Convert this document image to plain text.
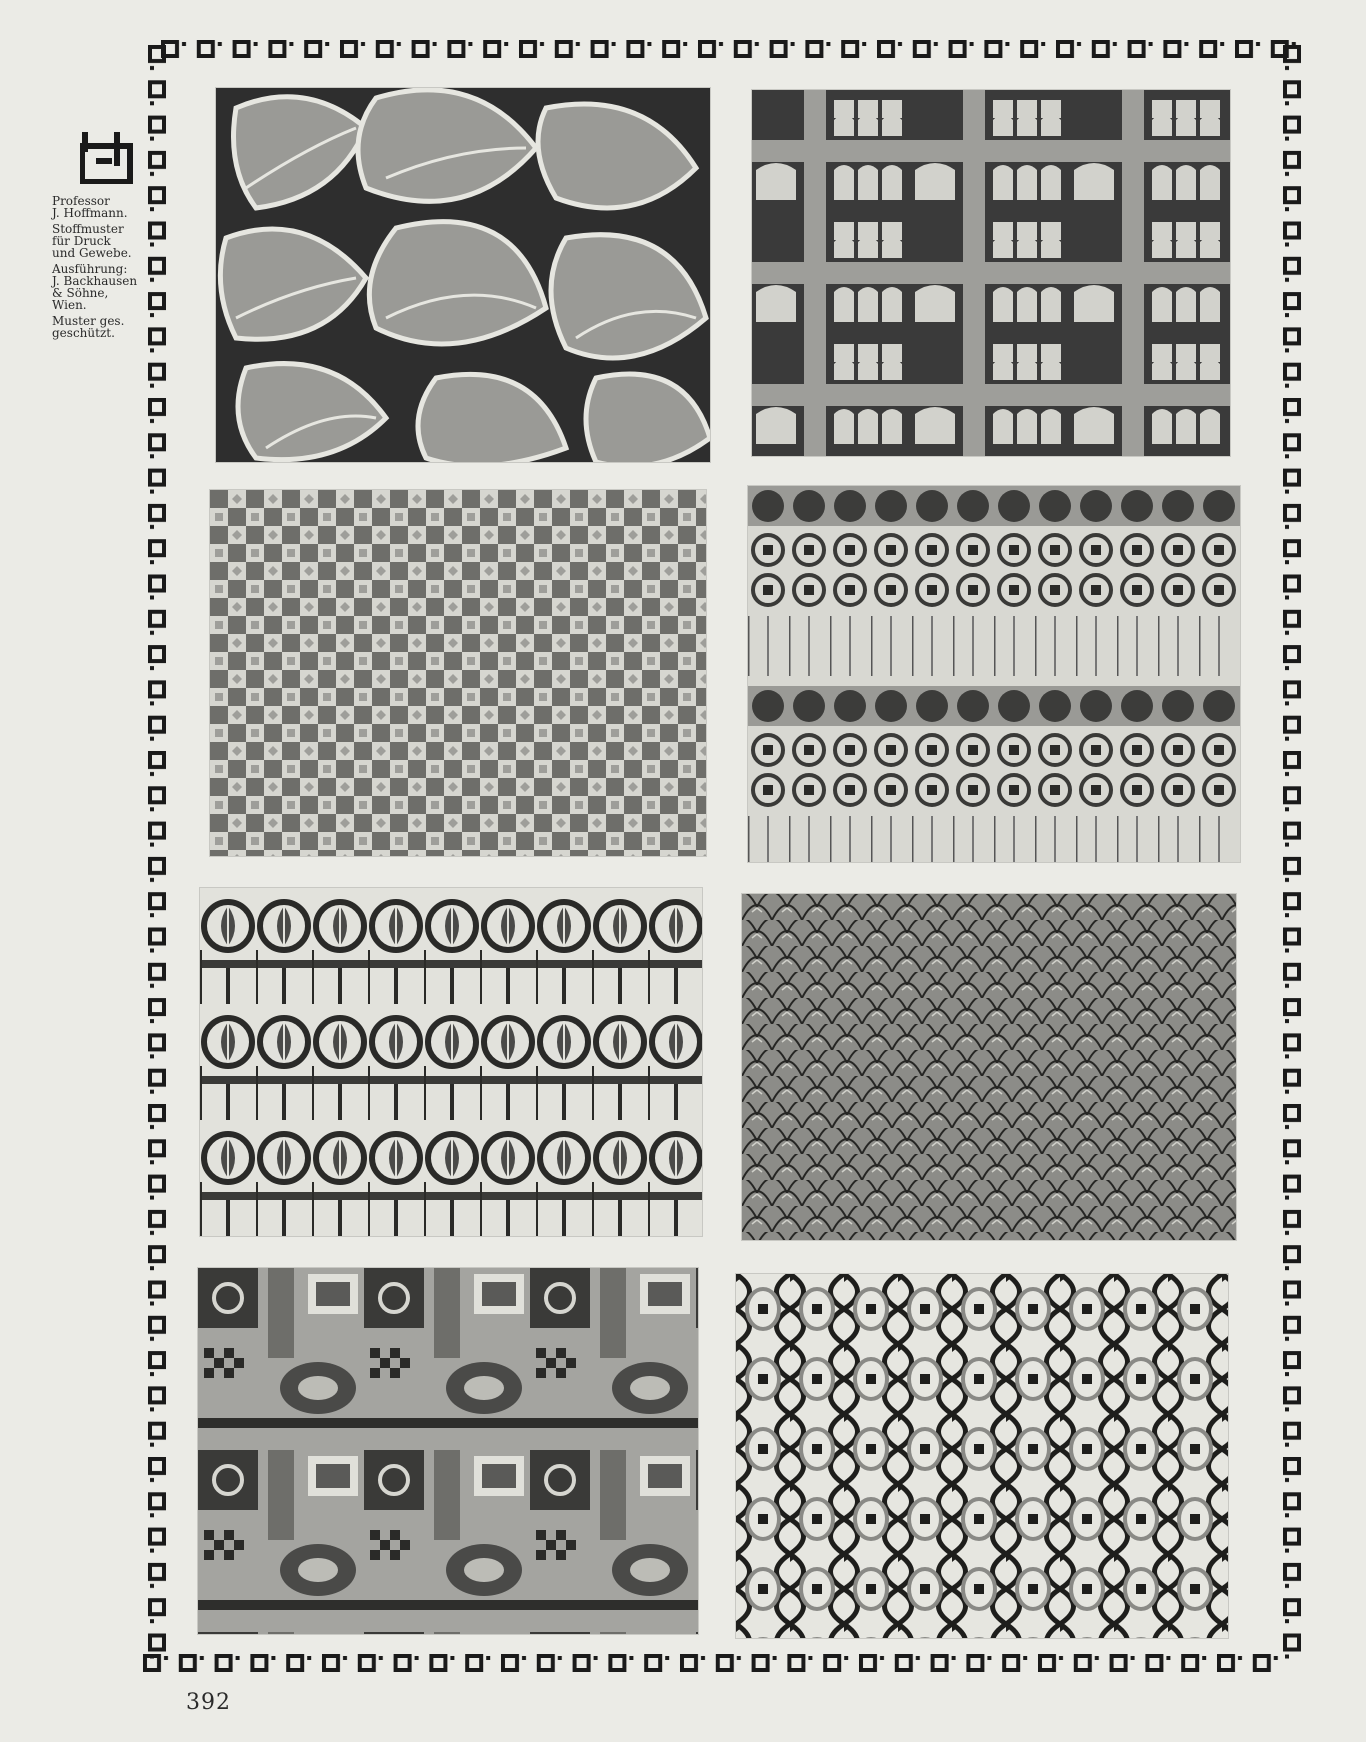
Professor
J. Hoffmann.

Stoffmuster
für Druck
und Gewebe.

Ausführung:
J. Backhausen
& Söhne,
Wien.

Muster ges.
geschützt.

392
